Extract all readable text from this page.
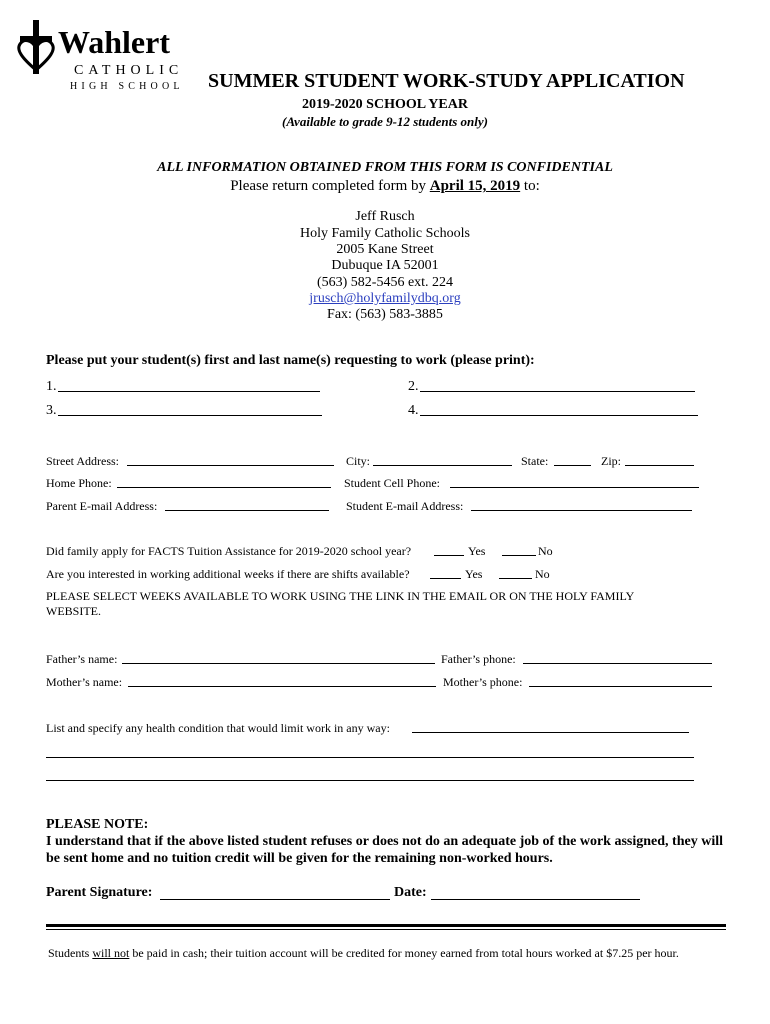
Wahlert
CATHOLIC
HIGH SCHOOL SUMMER STUDENT WORK-STUDY APPLICATION
2019-2020 SCHOOL YEAR
(Available to grade 9-12 students only)
ALL INFORMATION OBTAINED FROM THIS FORM IS CONFIDENTIAL
Please return completed form by April 15, 2019 to:
Jeff Rusch
Holy Family Catholic Schools
2005 Kane Street
Dubuque IA 52001
(563) 582-5456 ext. 224
jrusch@holyfamilydbq.org
Fax: (563) 583-3885
Please put your student(s) first and last name(s) requesting to work (please print):
1.	2.
3.	4.
Street Address:	City:	State:	Zip:
Home Phone:	Student Cell Phone:
Parent E-mail Address:	Student E-mail Address:
Did family apply for FACTS Tuition Assistance for 2019-2020 school year?	Yes	No
Are you interested in working additional weeks if there are shifts available?	Yes	No
PLEASE SELECT WEEKS AVAILABLE TO WORK USING THE LINK IN THE EMAIL OR ON THE HOLY FAMILY
WEBSITE.
Father’s name:	Father’s phone:
Mother’s name:	Mother’s phone:
List and specify any health condition that would limit work in any way:
PLEASE NOTE:
I understand that if the above listed student refuses or does not do an adequate job of the work assigned, they will
be sent home and no tuition credit will be given for the remaining non-worked hours.
Parent Signature:	Date:
Students will not be paid in cash; their tuition account will be credited for money earned from total hours worked at $7.25 per hour.
